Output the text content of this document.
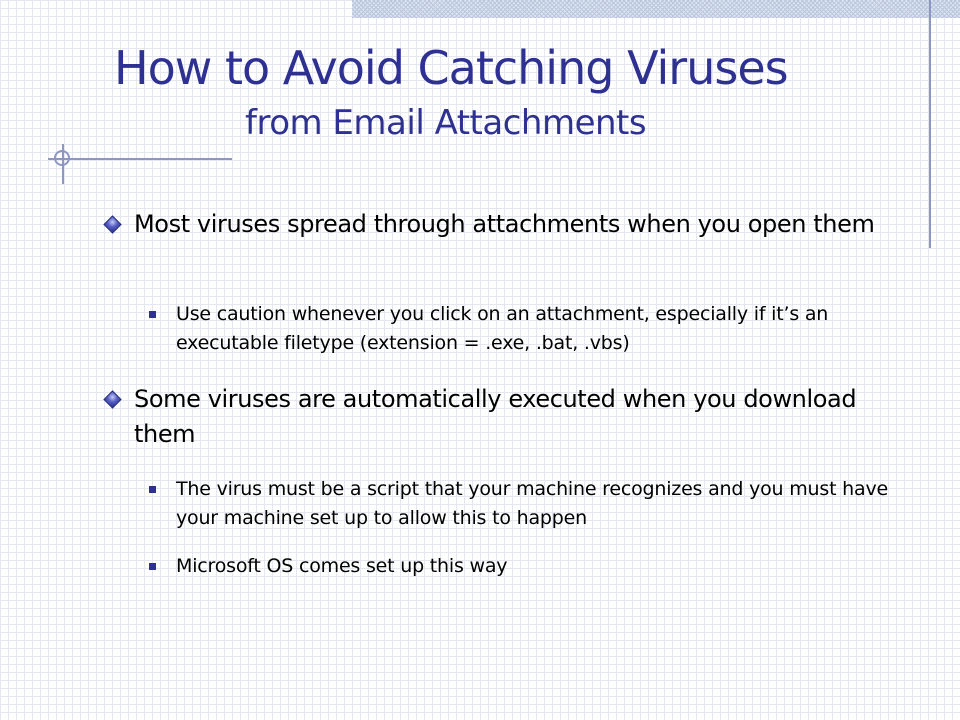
How to Avoid Catching Viruses
from Email Attachments
Most viruses spread through attachments when you open them
Use caution whenever you click on an attachment, especially if it’s an executable filetype (extension = .exe, .bat, .vbs)
Some viruses are automatically executed when you download them
The virus must be a script that your machine recognizes and you must have your machine set up to allow this to happen
Microsoft OS comes set up this way
